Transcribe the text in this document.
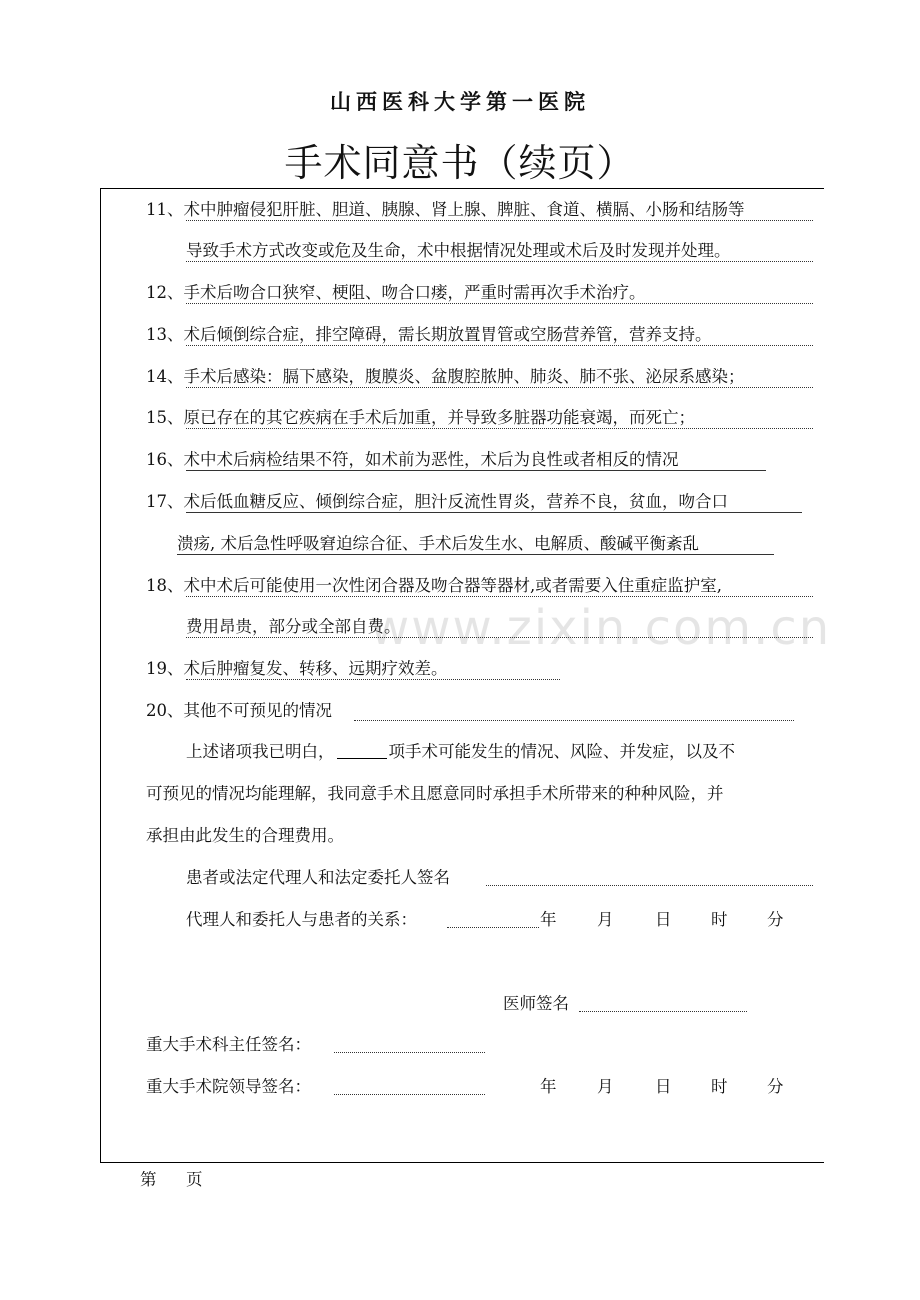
山西医科大学第一医院
手术同意书（续页）
www.zixin.com.cn
11、术中肿瘤侵犯肝脏、胆道、胰腺、肾上腺、脾脏、食道、横膈、小肠和结肠等
导致手术方式改变或危及生命，术中根据情况处理或术后及时发现并处理。
12、手术后吻合口狭窄、梗阻、吻合口瘘，严重时需再次手术治疗。
13、术后倾倒综合症，排空障碍，需长期放置胃管或空肠营养管，营养支持。
14、手术后感染：膈下感染，腹膜炎、盆腹腔脓肿、肺炎、肺不张、泌尿系感染；
15、原已存在的其它疾病在手术后加重，并导致多脏器功能衰竭，而死亡；
16、术中术后病检结果不符，如术前为恶性，术后为良性或者相反的情况
17、术后低血糖反应、倾倒综合症，胆汁反流性胃炎，营养不良，贫血，吻合口
溃疡, 术后急性呼吸窘迫综合征、手术后发生水、电解质、酸碱平衡紊乱
18、术中术后可能使用一次性闭合器及吻合器等器材,或者需要入住重症监护室,
费用昂贵，部分或全部自费。
19、术后肿瘤复发、转移、远期疗效差。
20、其他不可预见的情况
上述诸项我已明白，	项手术可能发生的情况、风险、并发症，以及不
可预见的情况均能理解，我同意手术且愿意同时承担手术所带来的种种风险，并
承担由此发生的合理费用。
患者或法定代理人和法定委托人签名
代理人和委托人与患者的关系：	年 月	日 时 分
医师签名
重大手术科主任签名：
重大手术院领导签名：	年 月	日 时 分
第 页
